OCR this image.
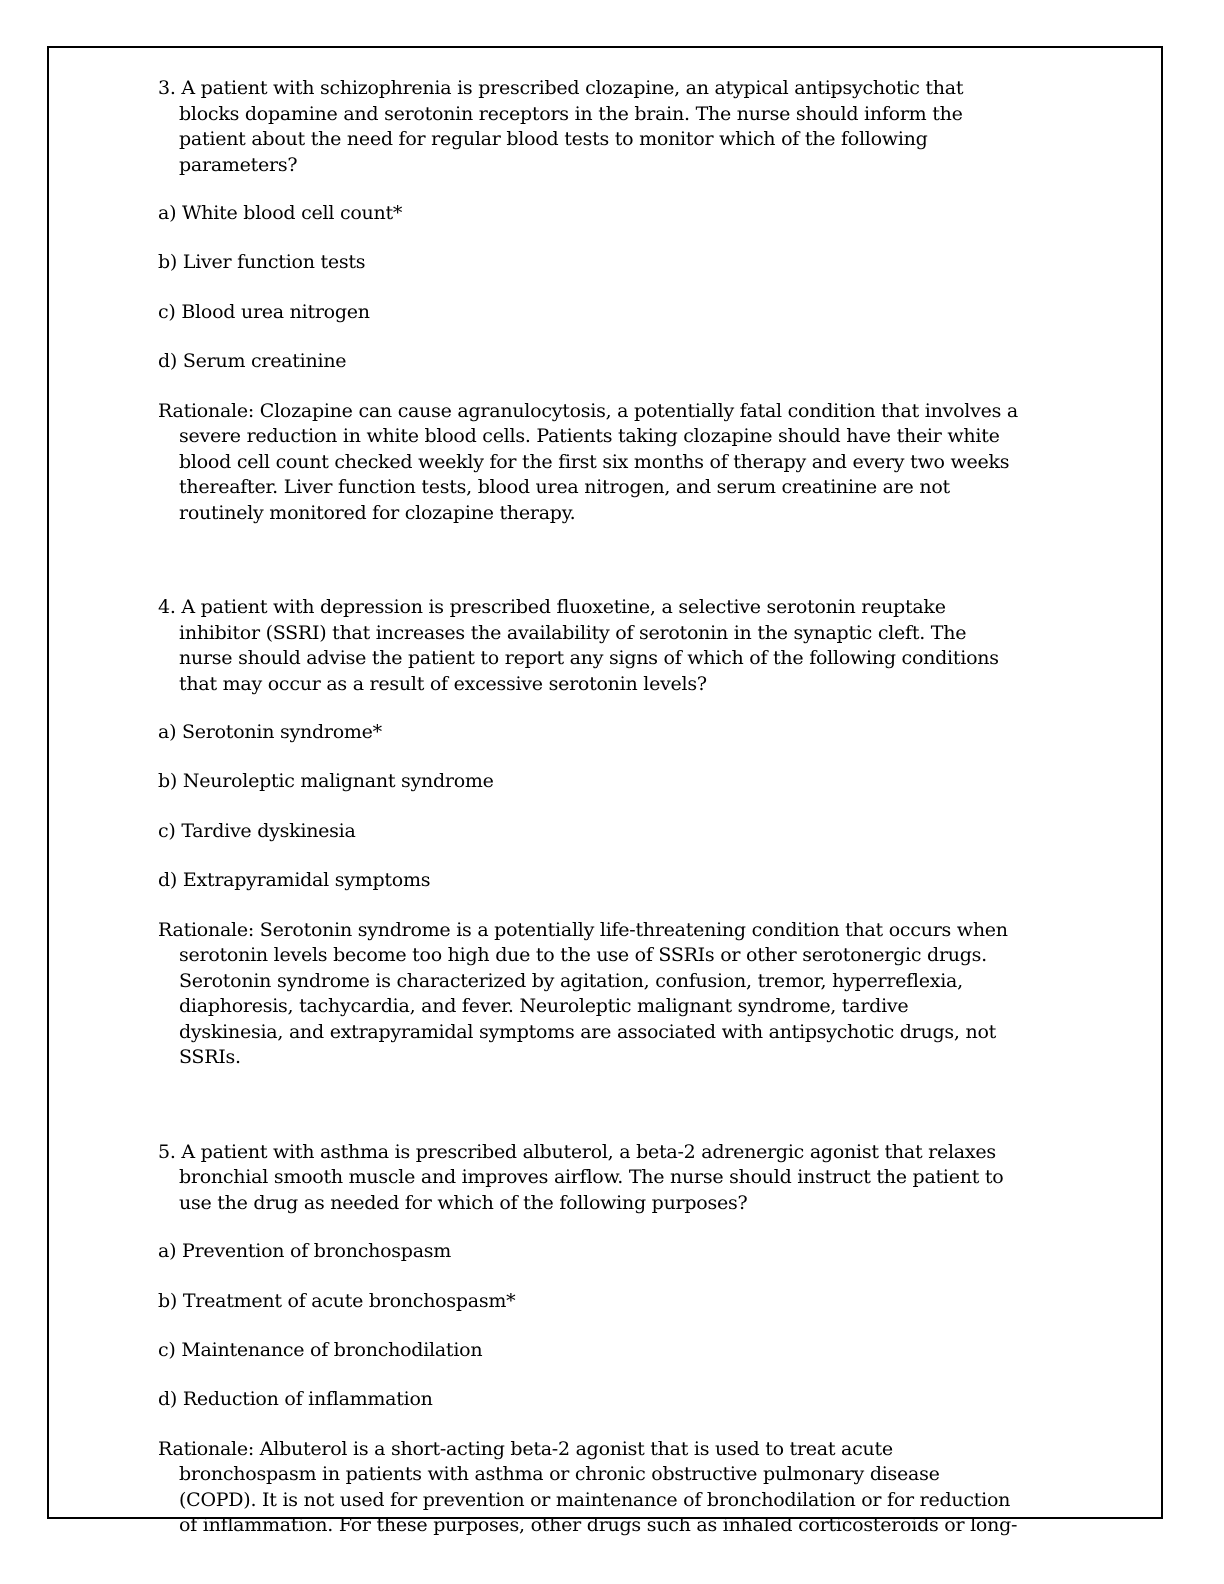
3. A patient with schizophrenia is prescribed clozapine, an atypical antipsychotic that blocks dopamine and serotonin receptors in the brain. The nurse should inform the patient about the need for regular blood tests to monitor which of the following parameters?

a) White blood cell count*

b) Liver function tests

c) Blood urea nitrogen

d) Serum creatinine

Rationale: Clozapine can cause agranulocytosis, a potentially fatal condition that involves a severe reduction in white blood cells. Patients taking clozapine should have their white blood cell count checked weekly for the first six months of therapy and every two weeks thereafter. Liver function tests, blood urea nitrogen, and serum creatinine are not routinely monitored for clozapine therapy.

4. A patient with depression is prescribed fluoxetine, a selective serotonin reuptake inhibitor (SSRI) that increases the availability of serotonin in the synaptic cleft. The nurse should advise the patient to report any signs of which of the following conditions that may occur as a result of excessive serotonin levels?

a) Serotonin syndrome*

b) Neuroleptic malignant syndrome

c) Tardive dyskinesia

d) Extrapyramidal symptoms

Rationale: Serotonin syndrome is a potentially life-threatening condition that occurs when serotonin levels become too high due to the use of SSRIs or other serotonergic drugs. Serotonin syndrome is characterized by agitation, confusion, tremor, hyperreflexia, diaphoresis, tachycardia, and fever. Neuroleptic malignant syndrome, tardive dyskinesia, and extrapyramidal symptoms are associated with antipsychotic drugs, not SSRIs.

5. A patient with asthma is prescribed albuterol, a beta-2 adrenergic agonist that relaxes bronchial smooth muscle and improves airflow. The nurse should instruct the patient to use the drug as needed for which of the following purposes?

a) Prevention of bronchospasm

b) Treatment of acute bronchospasm*

c) Maintenance of bronchodilation

d) Reduction of inflammation

Rationale: Albuterol is a short-acting beta-2 agonist that is used to treat acute bronchospasm in patients with asthma or chronic obstructive pulmonary disease (COPD). It is not used for prevention or maintenance of bronchodilation or for reduction of inflammation. For these purposes, other drugs such as inhaled corticosteroids or long-
